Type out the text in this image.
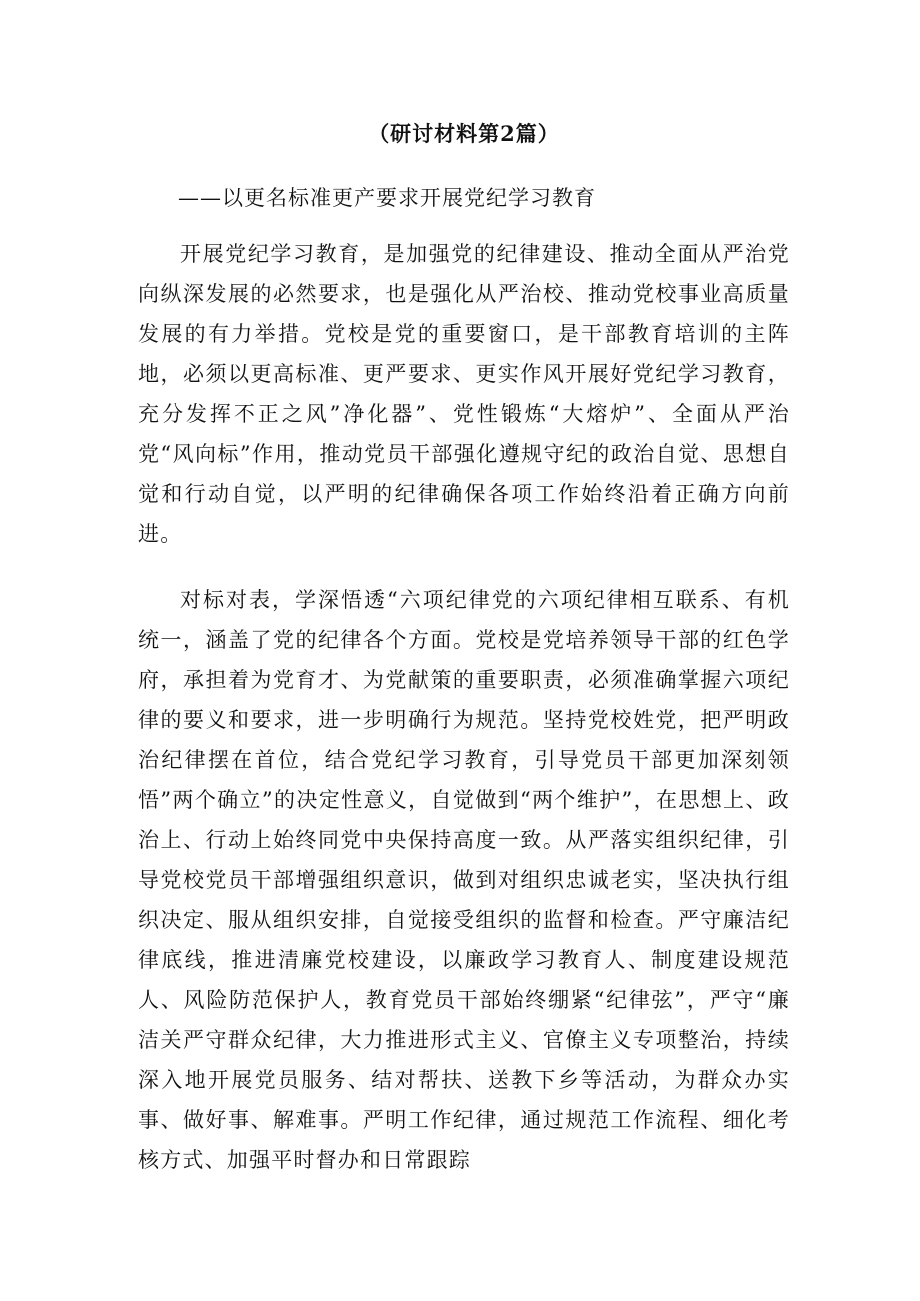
（研讨材料第2篇）
——以更名标准更产要求开展党纪学习教育

开展党纪学习教育，是加强党的纪律建设、推动全面从严治党向纵深发展的必然要求，也是强化从严治校、推动党校事业高质量发展的有力举措。党校是党的重要窗口，是干部教育培训的主阵地，必须以更高标准、更严要求、更实作风开展好党纪学习教育，充分发挥不正之风”净化器”、党性锻炼“大熔炉”、全面从严治党“风向标”作用，推动党员干部强化遵规守纪的政治自觉、思想自觉和行动自觉，以严明的纪律确保各项工作始终沿着正确方向前进。

对标对表，学深悟透“六项纪律党的六项纪律相互联系、有机统一，涵盖了党的纪律各个方面。党校是党培养领导干部的红色学府，承担着为党育才、为党献策的重要职责，必须准确掌握六项纪律的要义和要求，进一步明确行为规范。坚持党校姓党，把严明政治纪律摆在首位，结合党纪学习教育，引导党员干部更加深刻领悟”两个确立”的决定性意义，自觉做到“两个维护”，在思想上、政治上、行动上始终同党中央保持高度一致。从严落实组织纪律，引导党校党员干部增强组织意识，做到对组织忠诚老实，坚决执行组织决定、服从组织安排，自觉接受组织的监督和检查。严守廉洁纪律底线，推进清廉党校建设，以廉政学习教育人、制度建设规范人、风险防范保护人，教育党员干部始终绷紧“纪律弦”，严守“廉洁关严守群众纪律，大力推进形式主义、官僚主义专项整治，持续深入地开展党员服务、结对帮扶、送教下乡等活动，为群众办实事、做好事、解难事。严明工作纪律，通过规范工作流程、细化考核方式、加强平时督办和日常跟踪
